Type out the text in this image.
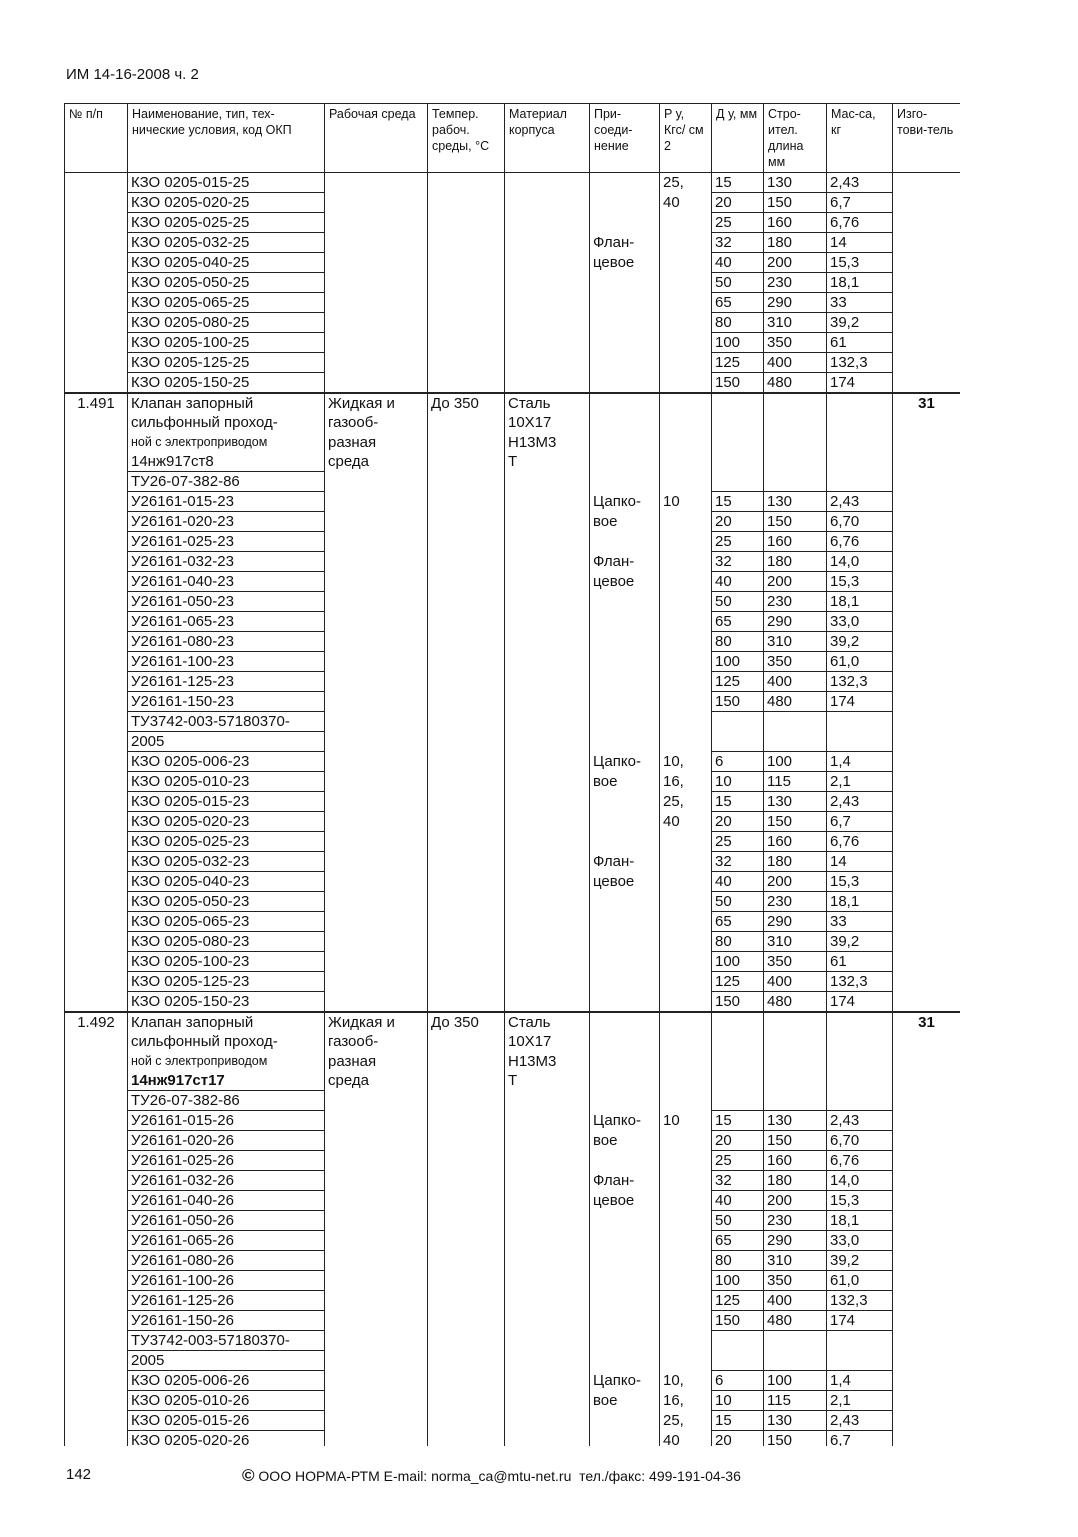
ИМ 14-16-2008 ч. 2
№ п/п	Наименование, тип, тех-нические условия, код ОКП	Рабочая среда	Темпер. рабоч. среды, °С	Материал корпуса	При-соеди-нение	P у, Кгс/ см 2	Д у, мм	Стро-ител. длина мм	Мас-са, кг	Изго-тови-тель
	КЗО 0205-015-25					25,	15	130	2,43	
	КЗО 0205-020-25					40	20	150	6,7	
	КЗО 0205-025-25						25	160	6,76	
	КЗО 0205-032-25				Флан-		32	180	14	
	КЗО 0205-040-25				цевое		40	200	15,3	
	КЗО 0205-050-25						50	230	18,1	
	КЗО 0205-065-25						65	290	33	
	КЗО 0205-080-25						80	310	39,2	
	КЗО 0205-100-25						100	350	61	
	КЗО 0205-125-25						125	400	132,3	
	КЗО 0205-150-25						150	480	174	
1.491	Клапан запорный	Жидкая и	До 350	Сталь						31
	сильфонный проход-	газооб-		10Х17						
	ной с электроприводом	разная		Н13М3						
	14нж917ст8	среда		Т						
	ТУ26-07-382-86									
	У26161-015-23				Цапко-	10	15	130	2,43	
	У26161-020-23				вое		20	150	6,70	
	У26161-025-23						25	160	6,76	
	У26161-032-23				Флан-		32	180	14,0	
	У26161-040-23				цевое		40	200	15,3	
	У26161-050-23						50	230	18,1	
	У26161-065-23						65	290	33,0	
	У26161-080-23						80	310	39,2	
	У26161-100-23						100	350	61,0	
	У26161-125-23						125	400	132,3	
	У26161-150-23						150	480	174	
	ТУ3742-003-57180370-									
	2005									
	КЗО 0205-006-23				Цапко-	10,	6	100	1,4	
	КЗО 0205-010-23				вое	16,	10	115	2,1	
	КЗО 0205-015-23					25,	15	130	2,43	
	КЗО 0205-020-23					40	20	150	6,7	
	КЗО 0205-025-23						25	160	6,76	
	КЗО 0205-032-23				Флан-		32	180	14	
	КЗО 0205-040-23				цевое		40	200	15,3	
	КЗО 0205-050-23						50	230	18,1	
	КЗО 0205-065-23						65	290	33	
	КЗО 0205-080-23						80	310	39,2	
	КЗО 0205-100-23						100	350	61	
	КЗО 0205-125-23						125	400	132,3	
	КЗО 0205-150-23						150	480	174	
1.492	Клапан запорный	Жидкая и	До 350	Сталь						31
	сильфонный проход-	газооб-		10Х17						
	ной с электроприводом	разная		Н13М3						
	14нж917ст17	среда		Т						
	ТУ26-07-382-86									
	У26161-015-26				Цапко-	10	15	130	2,43	
	У26161-020-26				вое		20	150	6,70	
	У26161-025-26						25	160	6,76	
	У26161-032-26				Флан-		32	180	14,0	
	У26161-040-26				цевое		40	200	15,3	
	У26161-050-26						50	230	18,1	
	У26161-065-26						65	290	33,0	
	У26161-080-26						80	310	39,2	
	У26161-100-26						100	350	61,0	
	У26161-125-26						125	400	132,3	
	У26161-150-26						150	480	174	
	ТУ3742-003-57180370-									
	2005									
	КЗО 0205-006-26				Цапко-	10,	6	100	1,4	
	КЗО 0205-010-26				вое	16,	10	115	2,1	
	КЗО 0205-015-26					25,	15	130	2,43	
	КЗО 0205-020-26					40	20	150	6,7	
142	© ООО НОРМА-РТМ E-mail: norma_ca@mtu-net.ru тел./факс: 499-191-04-36
